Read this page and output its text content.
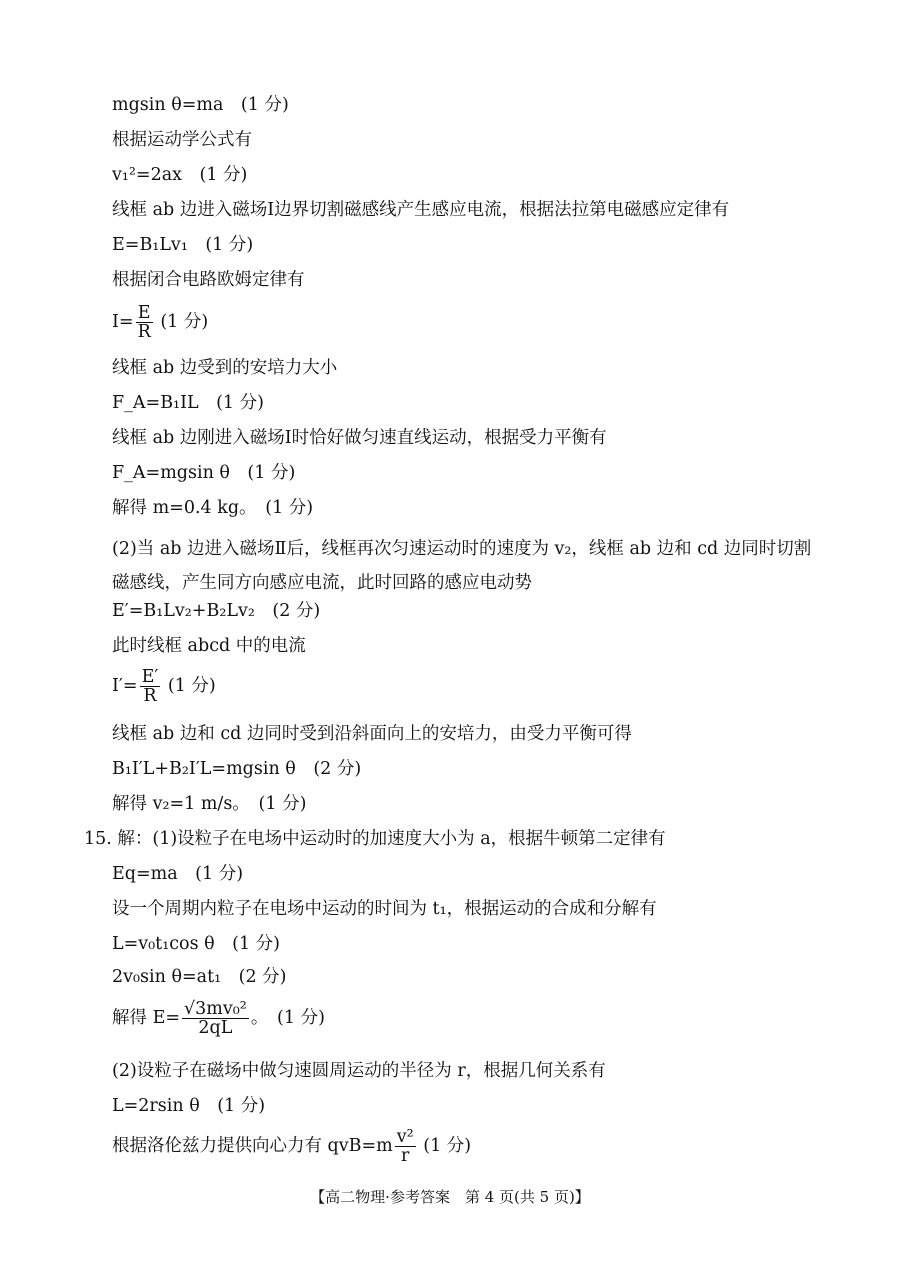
mgsin θ=ma　(1 分)
根据运动学公式有
v₁²=2ax　(1 分)
线框 ab 边进入磁场Ⅰ边界切割磁感线产生感应电流，根据法拉第电磁感应定律有
E=B₁Lv₁　(1 分)
根据闭合电路欧姆定律有
$I= \frac{E}{R} (1$ 分)
线框 ab 边受到的安培力大小
F_A=B₁IL　(1 分)
线框 ab 边刚进入磁场Ⅰ时恰好做匀速直线运动，根据受力平衡有
F_A=mgsin θ　(1 分)
解得 m=0.4 kg。　(1 分)
(2)当 ab 边进入磁场Ⅱ后，线框再次匀速运动时的速度为 v₂，线框 ab 边和 cd 边同时切割磁感线，产生同方向感应电流，此时回路的感应电动势
E′=B₁Lv₂+B₂Lv₂　(2 分)
此时线框 abcd 中的电流
$I'= \frac{E'}{R} (1$ 分)
线框 ab 边和 cd 边同时受到沿斜面向上的安培力，由受力平衡可得
B₁I′L+B₂I′L=mgsin θ　(2 分)
解得 v₂=1 m/s。　(1 分)
15. 解：(1)设粒子在电场中运动时的加速度大小为 a，根据牛顿第二定律有
Eq=ma　(1 分)
设一个周期内粒子在电场中运动的时间为 t₁，根据运动的合成和分解有
L=v₀t₁cos θ　(1 分)
2v₀sin θ=at₁　(2 分)
解得 $E= \frac{\text{√3mv₀²}}{2qL}$ 。　(1 分)
(2)设粒子在磁场中做匀速圆周运动的半径为 r，根据几何关系有
L=2rsin θ　(1 分)
根据洛伦兹力提供向心力有 $qvB=m \frac{\text{v²}}{r} (1$ 分)
【高二物理·参考答案　第 4 页(共 5 页)】
